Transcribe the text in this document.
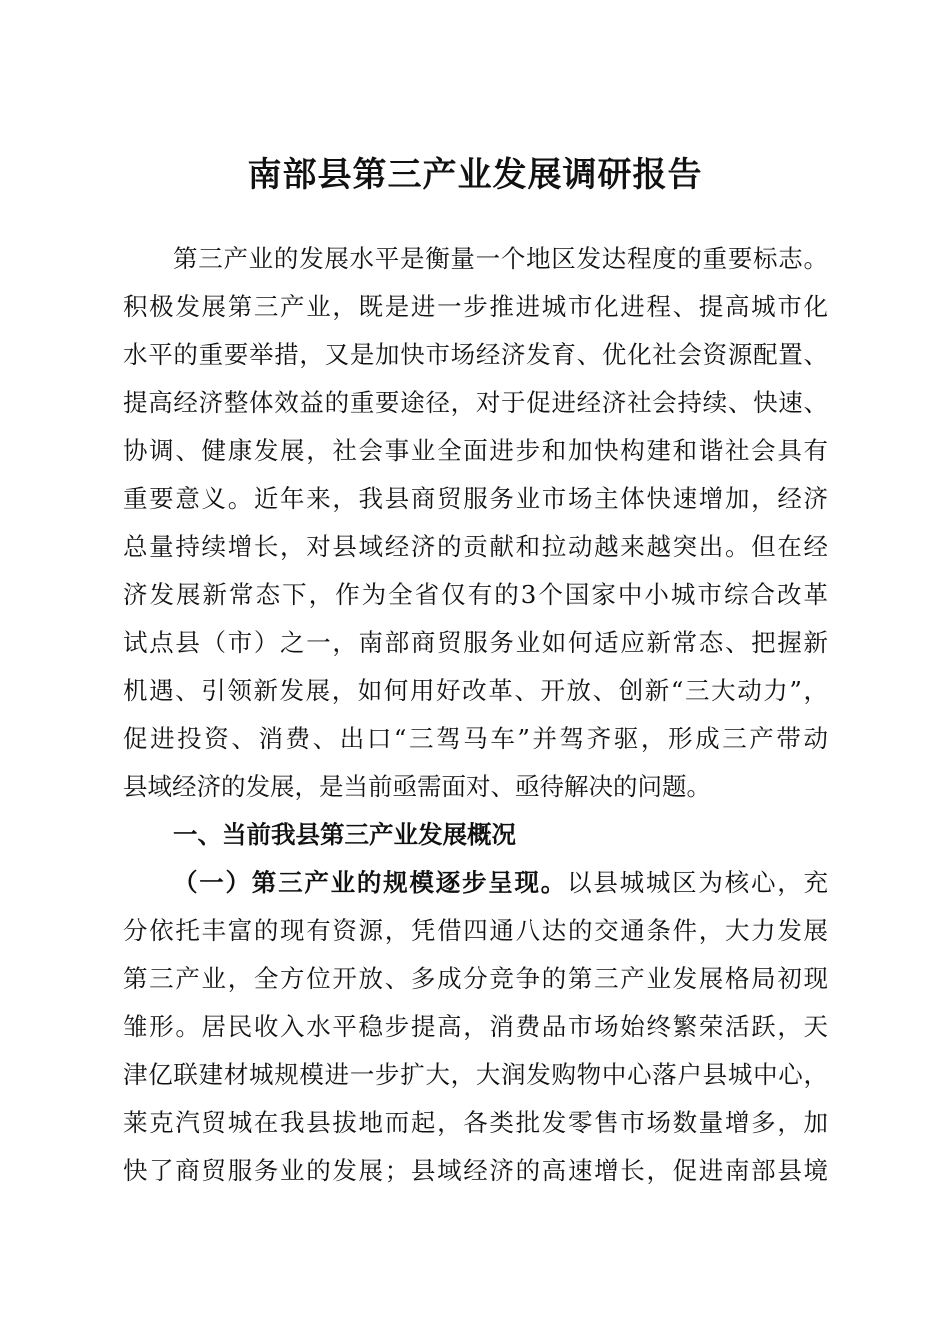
南部县第三产业发展调研报告

第三产业的发展水平是衡量一个地区发达程度的重要标志。

积极发展第三产业，既是进一步推进城市化进程、提高城市化

水平的重要举措，又是加快市场经济发育、优化社会资源配置、

提高经济整体效益的重要途径，对于促进经济社会持续、快速、

协调、健康发展，社会事业全面进步和加快构建和谐社会具有

重要意义。近年来，我县商贸服务业市场主体快速增加，经济

总量持续增长，对县域经济的贡献和拉动越来越突出。但在经

济发展新常态下，作为全省仅有的3个国家中小城市综合改革

试点县（市）之一，南部商贸服务业如何适应新常态、把握新

机遇、引领新发展，如何用好改革、开放、创新“三大动力”，

促进投资、消费、出口“三驾马车”并驾齐驱，形成三产带动

县域经济的发展，是当前亟需面对、亟待解决的问题。

一、当前我县第三产业发展概况

（一）第三产业的规模逐步呈现。以县城城区为核心，充

分依托丰富的现有资源，凭借四通八达的交通条件，大力发展

第三产业，全方位开放、多成分竞争的第三产业发展格局初现

雏形。居民收入水平稳步提高，消费品市场始终繁荣活跃，天

津亿联建材城规模进一步扩大，大润发购物中心落户县城中心，

莱克汽贸城在我县拔地而起，各类批发零售市场数量增多，加

快了商贸服务业的发展；县域经济的高速增长，促进南部县境
